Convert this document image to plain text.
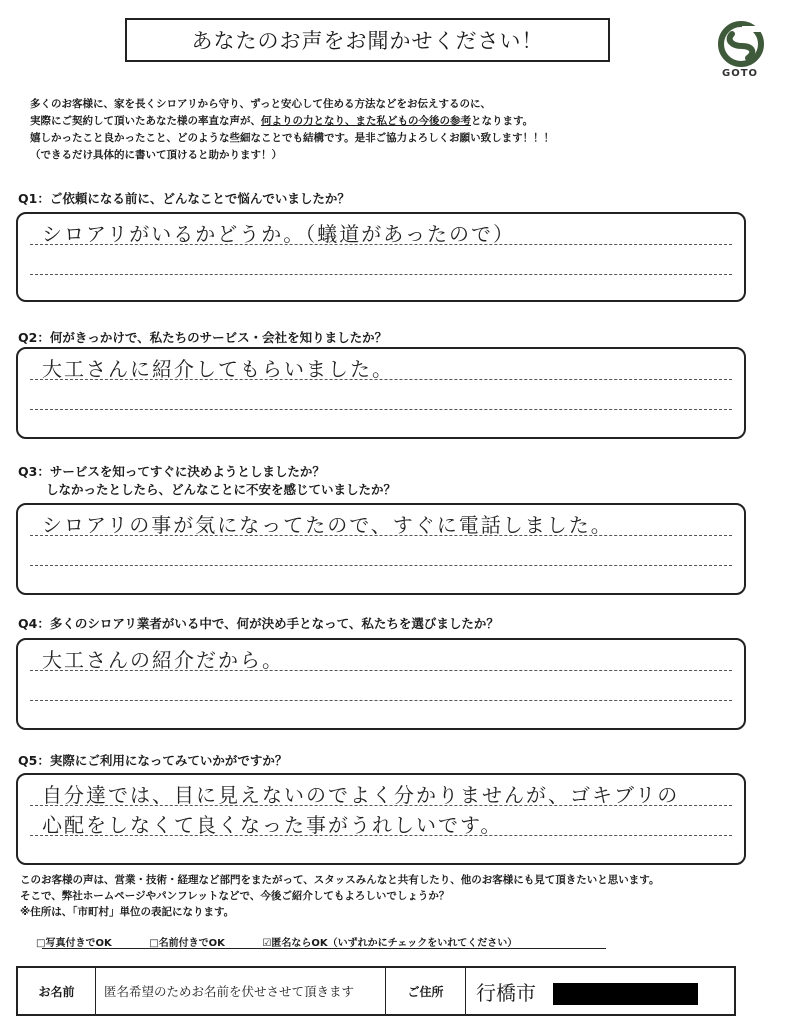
あなたのお声をお聞かせください！
GOTO
多くのお客様に、家を長くシロアリから守り、ずっと安心して住める方法などをお伝えするのに、
実際にご契約して頂いたあなた様の率直な声が、何よりの力となり、また私どもの今後の参考となります。
嬉しかったこと良かったこと、どのような些細なことでも結構です。是非ご協力よろしくお願い致します！！！
（できるだけ具体的に書いて頂けると助かります！）
Q1：ご依頼になる前に、どんなことで悩んでいましたか？
シロアリがいるかどうか。（蟻道があったので）
Q2：何がきっかけで、私たちのサービス・会社を知りましたか？
大工さんに紹介してもらいました。
Q3：サービスを知ってすぐに決めようとしましたか？
しなかったとしたら、どんなことに不安を感じていましたか？
シロアリの事が気になってたので、すぐに電話しました。
Q4：多くのシロアリ業者がいる中で、何が決め手となって、私たちを選びましたか？
大工さんの紹介だから。
Q5：実際にご利用になってみていかがですか？
自分達では、目に見えないのでよく分かりませんが、ゴキブリの
心配をしなくて良くなった事がうれしいです。
このお客様の声は、営業・技術・経理など部門をまたがって、スタッスみんなと共有したり、他のお客様にも見て頂きたいと思います。
そこで、弊社ホームページやパンフレットなどで、今後ご紹介してもよろしいでしょうか？
※住所は、「市町村」単位の表記になります。
□写真付きでOK	□名前付きでOK	☑匿名ならOK（いずれかにチェックをいれてください）
お名前	匿名希望のためお名前を伏せさせて頂きます	ご住所	行橋市
